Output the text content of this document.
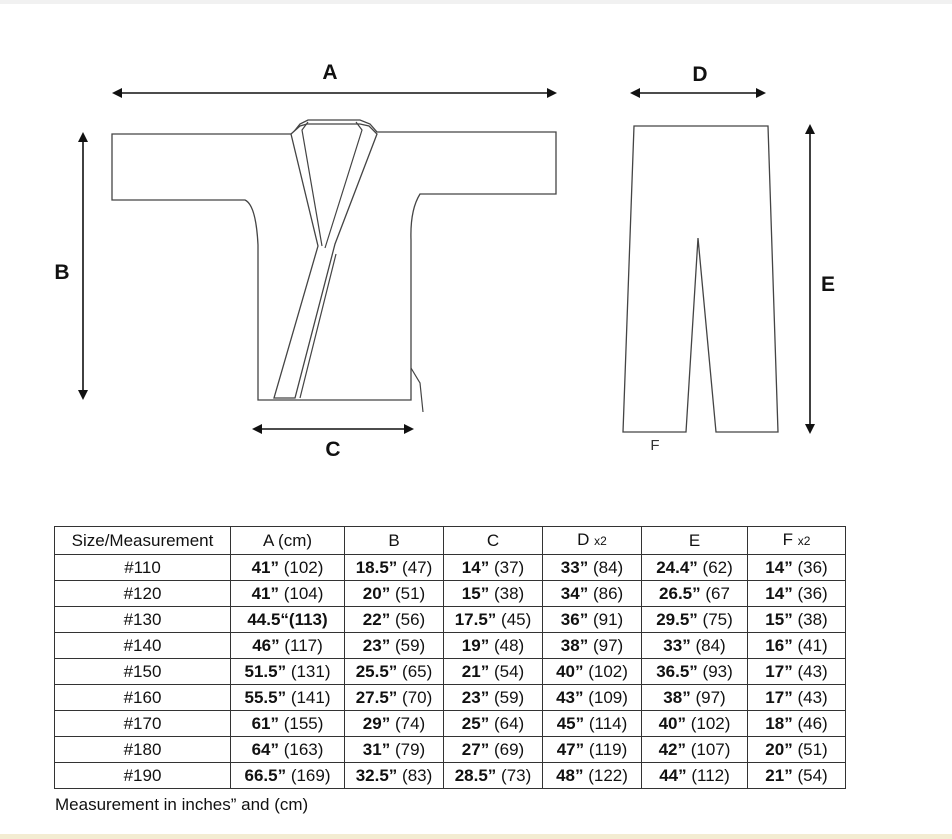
A
B
C
D
E
F
Size/Measurement	A (cm)	B	C	D x2	E	F x2
#110	41” (102)	18.5” (47)	14” (37)	33” (84)	24.4” (62)	14” (36)
#120	41” (104)	20” (51)	15” (38)	34” (86)	26.5” (67	14” (36)
#130	44.5“(113)	22” (56)	17.5” (45)	36” (91)	29.5” (75)	15” (38)
#140	46” (117)	23” (59)	19” (48)	38” (97)	33” (84)	16” (41)
#150	51.5” (131)	25.5” (65)	21” (54)	40” (102)	36.5” (93)	17” (43)
#160	55.5” (141)	27.5” (70)	23” (59)	43” (109)	38” (97)	17” (43)
#170	61” (155)	29” (74)	25” (64)	45” (114)	40” (102)	18” (46)
#180	64” (163)	31” (79)	27” (69)	47” (119)	42” (107)	20” (51)
#190	66.5” (169)	32.5” (83)	28.5” (73)	48” (122)	44” (112)	21” (54)
Measurement in inches” and (cm)
